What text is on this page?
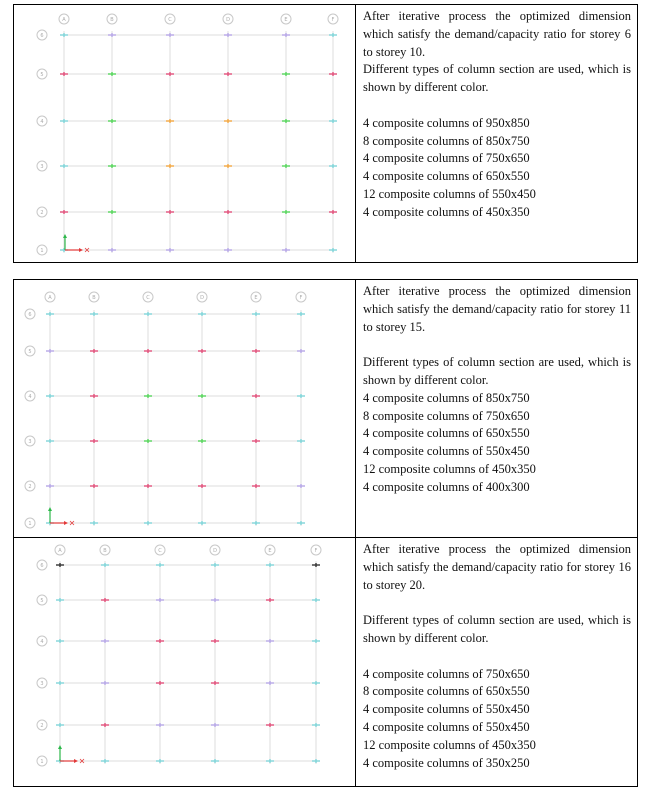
A	B	C	D	E	F
6
5
4
3
2
1

After iterative process the optimized dimension which satisfy the demand/capacity ratio for storey 6 to storey 10.

Different types of column section are used, which is shown by different color.

4 composite columns of 950x850
8 composite columns of 850x750
4 composite columns of 750x650
4 composite columns of 650x550
12 composite columns of 550x450
4 composite columns of 450x350
A	B	C	D	E	F
6
5
4
3
2
1

After iterative process the optimized dimension which satisfy the demand/capacity ratio for storey 11 to storey 15.

Different types of column section are used, which is shown by different color.

4 composite columns of 850x750
8 composite columns of 750x650
4 composite columns of 650x550
4 composite columns of 550x450
12 composite columns of 450x350
4 composite columns of 400x300
A	B	C	D	E	F
6
5
4
3
2
1

After iterative process the optimized dimension which satisfy the demand/capacity ratio for storey 16 to storey 20.

Different types of column section are used, which is shown by different color.

4 composite columns of 750x650
8 composite columns of 650x550
4 composite columns of 550x450
4 composite columns of 550x450
12 composite columns of 450x350
4 composite columns of 350x250
